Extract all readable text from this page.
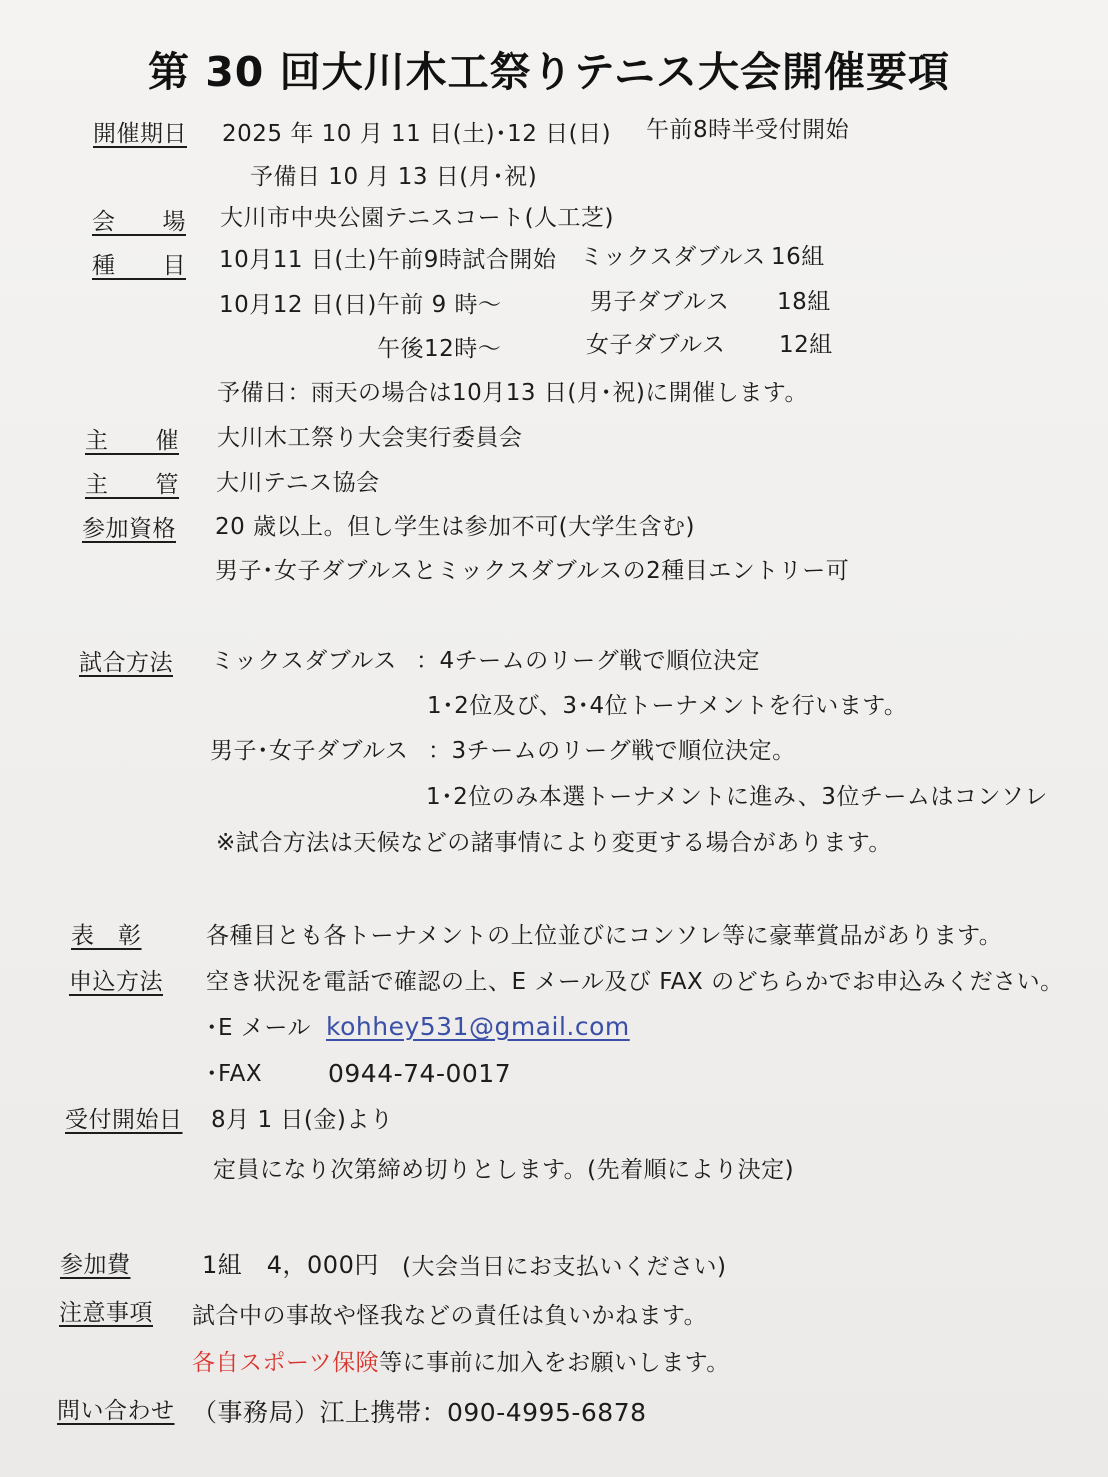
第 30 回大川木工祭りテニス大会開催要項
開催期日 2025 年 10 月 11 日(土)･12 日(日) 午前8時半受付開始
予備日 10 月 13 日(月･祝)
会　　場 大川市中央公園テニスコート(人工芝)
種　　目 10月11 日(土)午前9時試合開始 ミックスダブルス 16組
10月12 日(日)午前 9 時～	男子ダブルス 18組
午後12時～	女子ダブルス 12組
予備日：雨天の場合は10月13 日(月･祝)に開催します。
主　　催 大川木工祭り大会実行委員会
主　　管 大川テニス協会
参加資格 20 歳以上。但し学生は参加不可(大学生含む)
男子･女子ダブルスとミックスダブルスの2種目エントリー可
試合方法 ミックスダブルス ：4チームのリーグ戦で順位決定
1･2位及び、3･4位トーナメントを行います。
男子･女子ダブルス ：3チームのリーグ戦で順位決定。
1･2位のみ本選トーナメントに進み、3位チームはコンソレ
※試合方法は天候などの諸事情により変更する場合があります。
表　彰	各種目とも各トーナメントの上位並びにコンソレ等に豪華賞品があります。
申込方法 空き状況を電話で確認の上、E メール及び FAX のどちらかでお申込みください。
･E メール kohhey531@gmail.com
･FAX	0944-74-0017
受付開始日 8月 1 日(金)より
定員になり次第締め切りとします。(先着順により決定)
参加費	1組　4，000円 (大会当日にお支払いください)
注意事項 試合中の事故や怪我などの責任は負いかねます。
各自スポーツ保険等に事前に加入をお願いします。
問い合わせ （事務局）江上携帯：090-4995-6878
